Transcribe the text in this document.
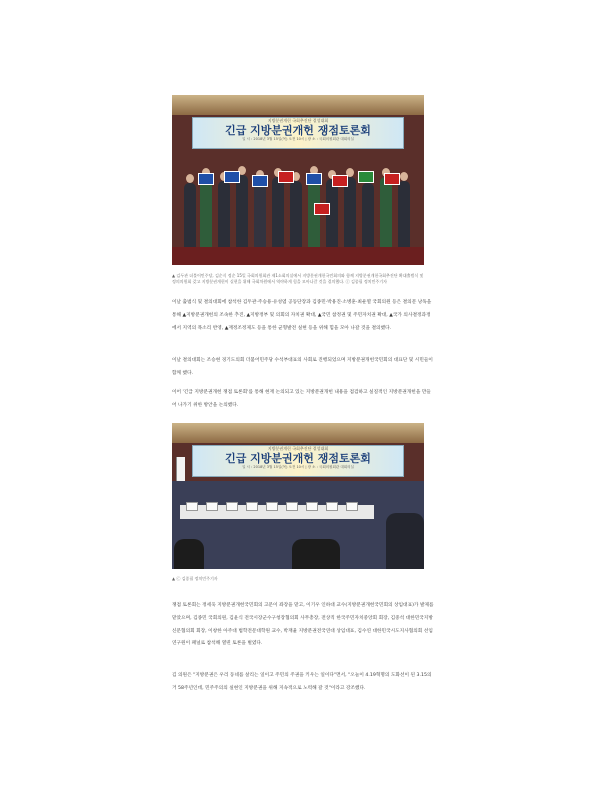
지방분권개헌 국회추진단 결성대회
긴급 지방분권개헌 쟁점토론회
일 시 : 2018년 3월 15일(목) 오전 10시 | 장 소 : 국회의원회관 대회의실
▲ 김두관 더불어민주당, 김순식 정순 15일 국회의원회관 제1소회의실에서 지방분권개헌국민회의와 함께 지방분권개헌국회추진단 확대출범식 및 정의의원회 갖고 지방분권개헌이 실현을 위해 국회차원에서 역야하게 힘을 모아나갈 것을 결의했다. ⓒ 김종필 정치민주기자

이날 출범식 및 결의대회에 참석한 김두관·주승용·유성엽 공동단장과 김종민·박용진·소병훈·최운열 국회의원 등은 결의문 낭독을 통해 ▲지방분권개헌의 조속한 추진, ▲지방정부 및 의회의 자치권 확대, ▲국민 참정권 및 주민자치권 확대, ▲국가 의사결정과정에서 지역의 목소리 반영, ▲재정조정제도 등을 통한 균형발전 실현 등을 위해 힘을 모아 나갈 것을 결의했다.

이날 결의대회는 조승현 경기도의회 더불어민주당 수석부대표의 사회로 진행되었으며 지방분권개헌국민회의 대표단 및 시민들이 함께 했다.

이어 '긴급 지방분권개헌 쟁점 토론회'를 통해 현재 논의되고 있는 지방분권개헌 내용을 점검하고 실질적인 지방분권개헌을 만들어 나가기 위한 방안을 논의했다.

지방분권개헌 국회추진단 결성대회
긴급 지방분권개헌 쟁점토론회
일 시 : 2018년 3월 15일(목) 오전 10시 | 장 소 : 국회의원회관 대회의실
▲ ⓒ 김종필 정치민주기자

쟁점 토론회는 정세욱 지방분권개헌국민회의 고문이 좌장을 맡고, 이기우 인하대 교수(지방분권개헌국민회의 상임대표)가 발제를 맡았으며, 김종민 국회의원, 김윤식 전국시장군수구청장협의회 사무총장, 전상직 한국주민자치중앙회 회장, 김중석 대한민국지방신문협의회 회장, 이창한 아주대 법학전문대학원 교수, 박재율 지방분권전국연대 상임대표, 김수연 대한민국시도지사협의회 선임연구원이 패널로 참석해 열띤 토론을 벌였다.

김 의원은 "지방분권은 우리 동네를 살리는 일이고 주민의 주권을 키우는 일이다"면서, "오늘이 4.19혁명의 도화선이 된 3.15의거 58주년인데, 민주주의의 실현인 지방분권을 위해 지속적으로 노력해 갈 것"이라고 강조했다.
